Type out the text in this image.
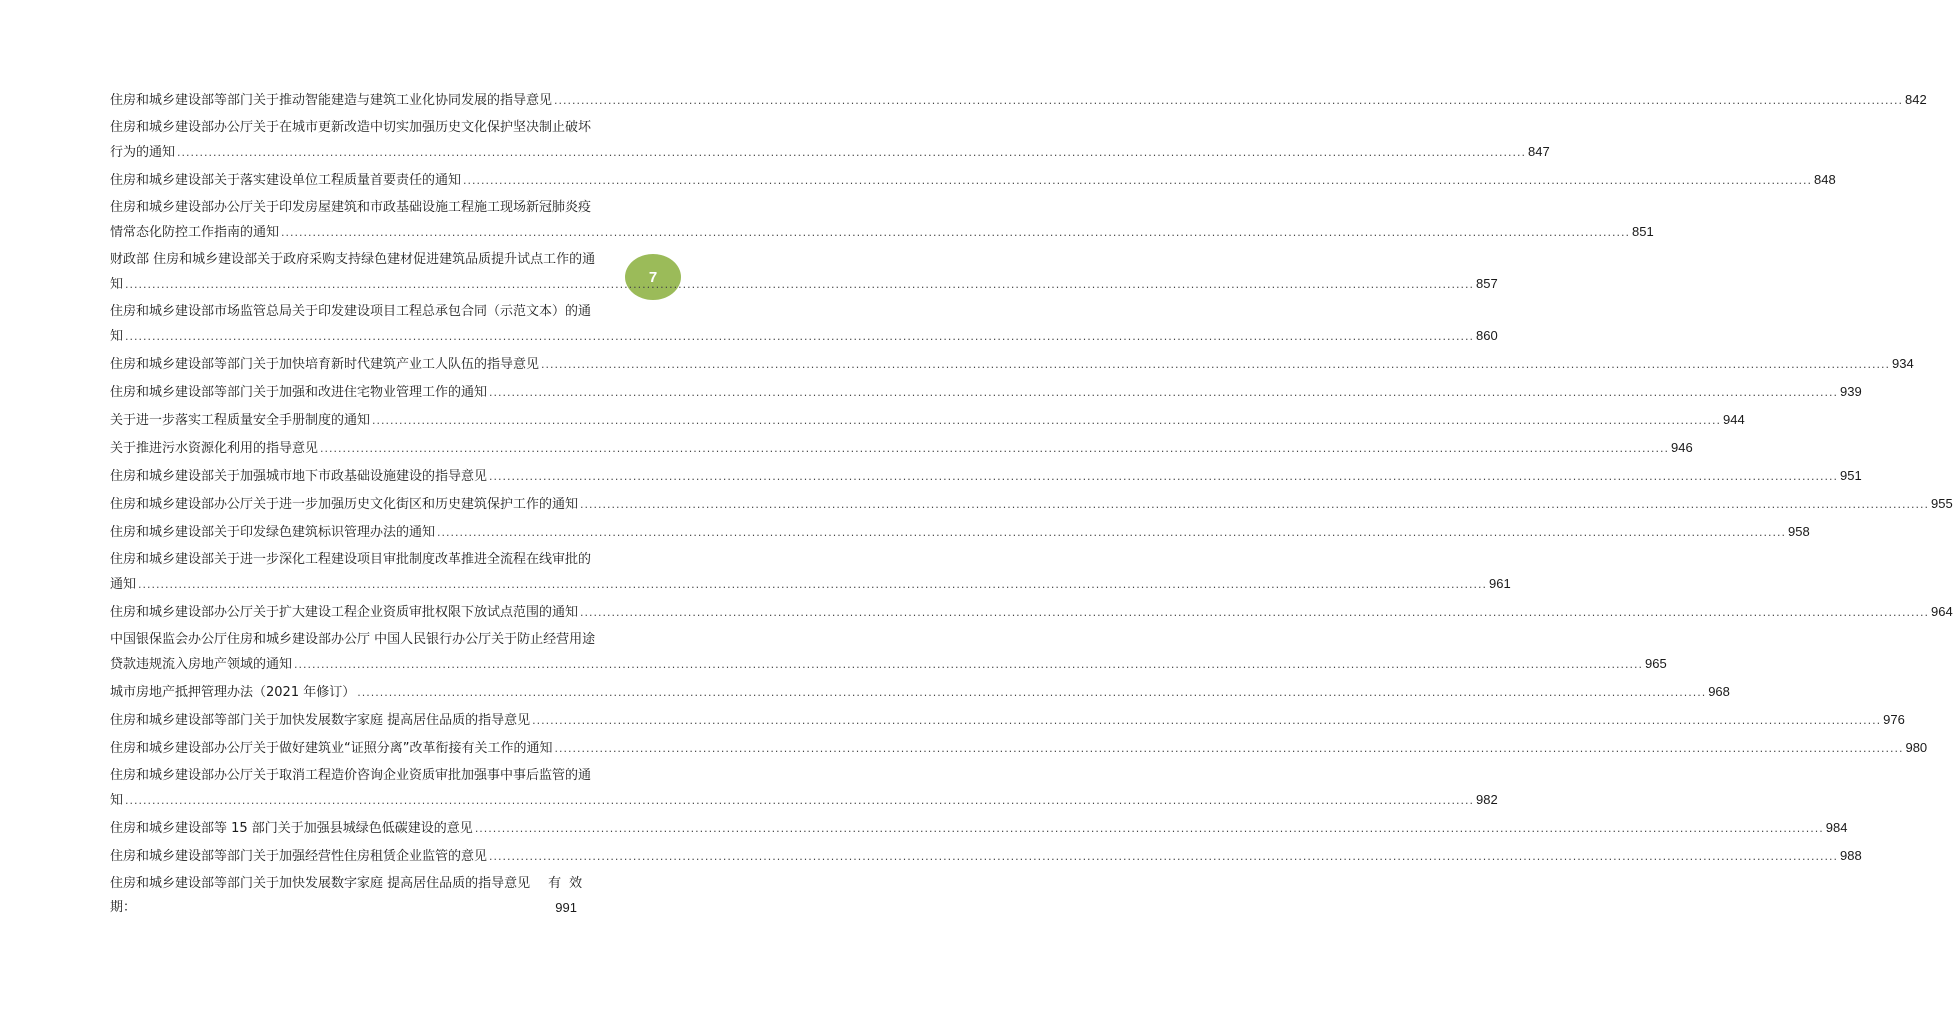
7
住房和城乡建设部等部门关于推动智能建造与建筑工业化协同发展的指导意见 .....	842
住房和城乡建设部办公厅关于在城市更新改造中切实加强历史文化保护坚决制止破坏
行为的通知 .....	847
住房和城乡建设部关于落实建设单位工程质量首要责任的通知 .....	848
住房和城乡建设部办公厅关于印发房屋建筑和市政基础设施工程施工现场新冠肺炎疫
情常态化防控工作指南的通知 .....	851
财政部 住房和城乡建设部关于政府采购支持绿色建材促进建筑品质提升试点工作的通
知 .....	857
住房和城乡建设部市场监管总局关于印发建设项目工程总承包合同（示范文本）的通
知 .....	860
住房和城乡建设部等部门关于加快培育新时代建筑产业工人队伍的指导意见 .....	934
住房和城乡建设部等部门关于加强和改进住宅物业管理工作的通知 .....	939
关于进一步落实工程质量安全手册制度的通知 .....	944
关于推进污水资源化利用的指导意见 .....	946
住房和城乡建设部关于加强城市地下市政基础设施建设的指导意见 .....	951
住房和城乡建设部办公厅关于进一步加强历史文化街区和历史建筑保护工作的通知 .....	955
住房和城乡建设部关于印发绿色建筑标识管理办法的通知 .....	958
住房和城乡建设部关于进一步深化工程建设项目审批制度改革推进全流程在线审批的
通知 .....	961
住房和城乡建设部办公厅关于扩大建设工程企业资质审批权限下放试点范围的通知 .....	964
中国银保监会办公厅住房和城乡建设部办公厅 中国人民银行办公厅关于防止经营用途
贷款违规流入房地产领域的通知 .....	965
城市房地产抵押管理办法（2021 年修订） .....	968
住房和城乡建设部等部门关于加快发展数字家庭 提高居住品质的指导意见 .....	976
住房和城乡建设部办公厅关于做好建筑业“证照分离”改革衔接有关工作的通知 .....	980
住房和城乡建设部办公厅关于取消工程造价咨询企业资质审批加强事中事后监管的通
知 .....	982
住房和城乡建设部等 15 部门关于加强县城绿色低碳建设的意见 .....	984
住房和城乡建设部等部门关于加强经营性住房租赁企业监管的意见 .....	988
住房和城乡建设部等部门关于加快发展数字家庭 提高居住品质的指导意见 有效
期：	991
